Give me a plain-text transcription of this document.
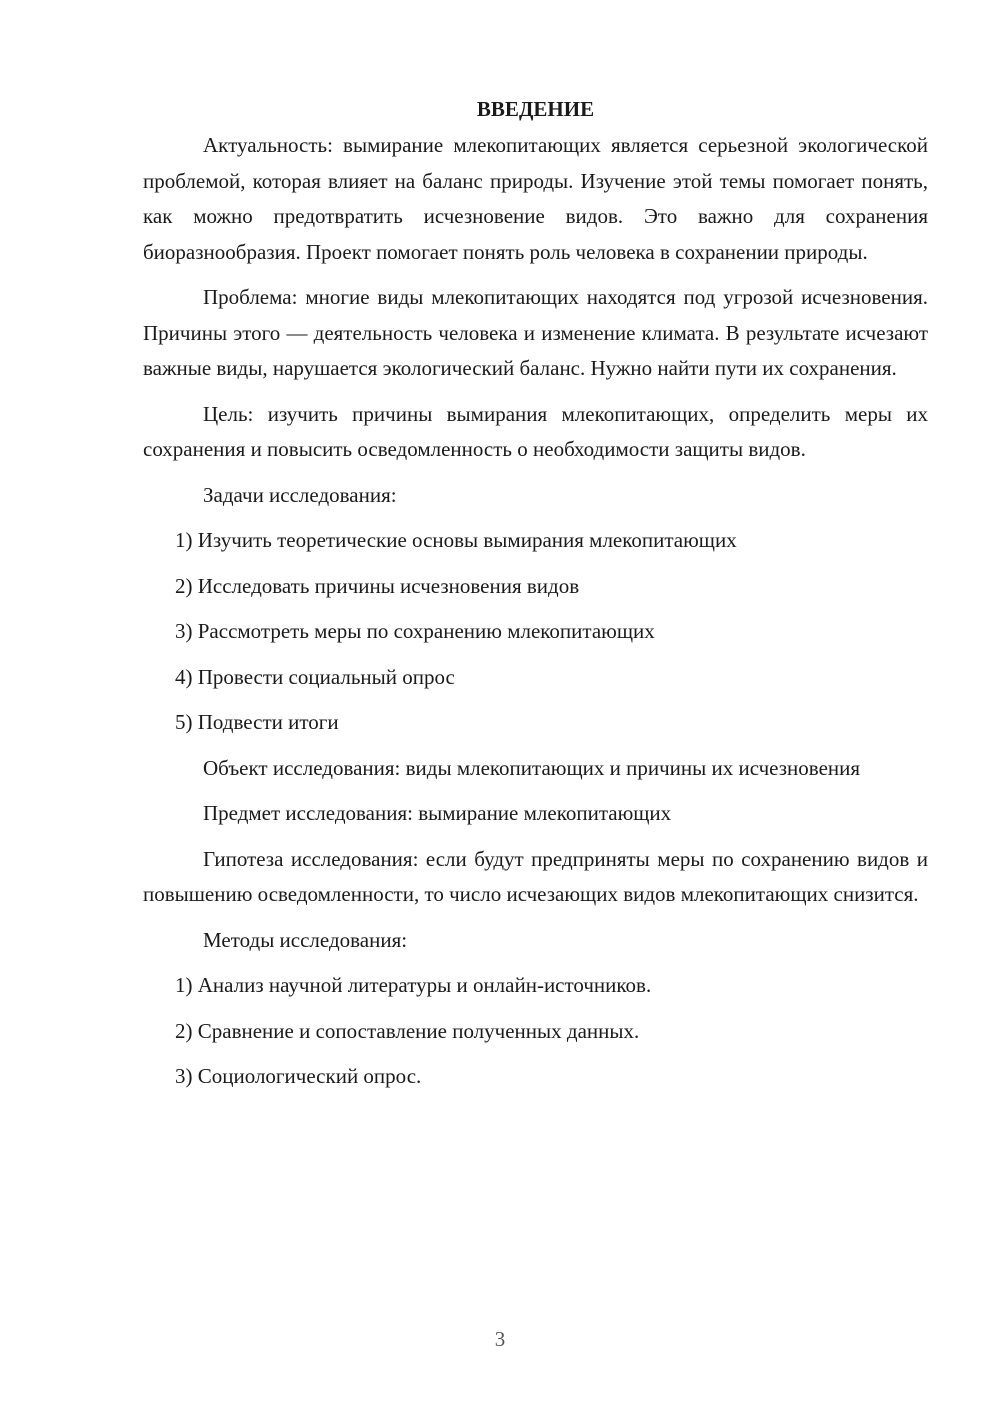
ВВЕДЕНИЕ

Актуальность: вымирание млекопитающих является серьезной экологической проблемой, которая влияет на баланс природы. Изучение этой темы помогает понять, как можно предотвратить исчезновение видов. Это важно для сохранения биоразнообразия. Проект помогает понять роль человека в сохранении природы.

Проблема: многие виды млекопитающих находятся под угрозой исчезновения. Причины этого — деятельность человека и изменение климата. В результате исчезают важные виды, нарушается экологический баланс. Нужно найти пути их сохранения.

Цель: изучить причины вымирания млекопитающих, определить меры их сохранения и повысить осведомленность о необходимости защиты видов.

Задачи исследования:

1) Изучить теоретические основы вымирания млекопитающих
2) Исследовать причины исчезновения видов
3) Рассмотреть меры по сохранению млекопитающих
4) Провести социальный опрос
5) Подвести итоги

Объект исследования: виды млекопитающих и причины их исчезновения

Предмет исследования: вымирание млекопитающих

Гипотеза исследования: если будут предприняты меры по сохранению видов и повышению осведомленности, то число исчезающих видов млекопитающих снизится.

Методы исследования:

1) Анализ научной литературы и онлайн-источников.
2) Сравнение и сопоставление полученных данных.
3) Социологический опрос.
3
